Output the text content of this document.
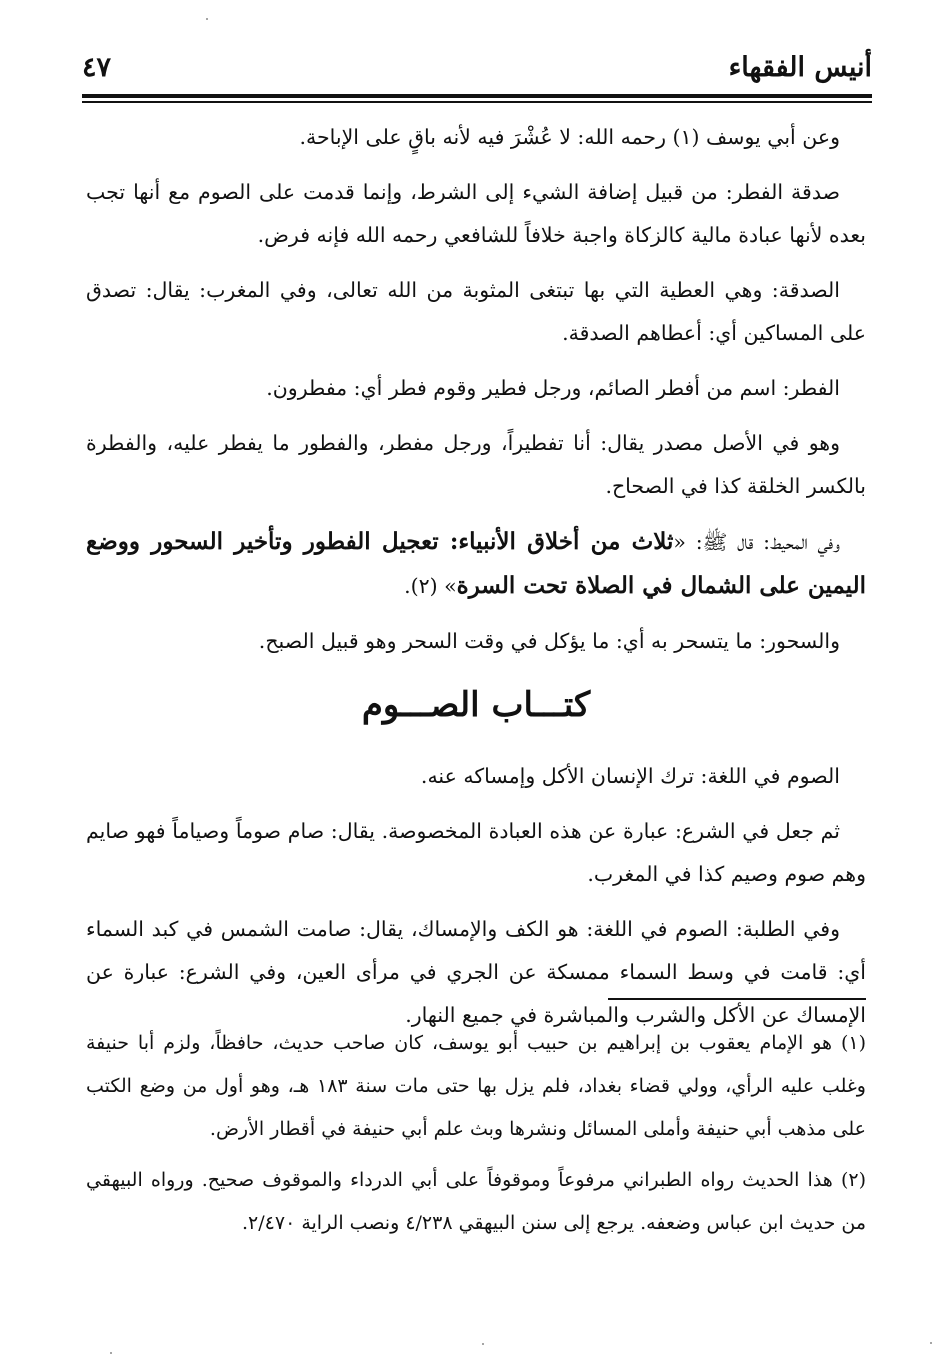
أنيس الفقهاء
٤٧

وعن أبي يوسف (١) رحمه الله: لا عُشْرَ فيه لأنه باقٍ على الإباحة.

صدقة الفطر: من قبيل إضافة الشيء إلى الشرط، وإنما قدمت على الصوم مع أنها تجب بعده لأنها عبادة مالية كالزكاة واجبة خلافاً للشافعي رحمه الله فإنه فرض.

الصدقة: وهي العطية التي بها تبتغى المثوبة من الله تعالى، وفي المغرب: يقال: تصدق على المساكين أي: أعطاهم الصدقة.

الفطر: اسم من أفطر الصائم، ورجل فطير وقوم فطر أي: مفطرون.

وهو في الأصل مصدر يقال: أنا تفطيراً، ورجل مفطر، والفطور ما يفطر عليه، والفطرة بالكسر الخلقة كذا في الصحاح.

وفي المحيط: قال ﷺ: «ثلاث من أخلاق الأنبياء: تعجيل الفطور وتأخير السحور ووضع اليمين على الشمال في الصلاة تحت السرة» (٢).

والسحور: ما يتسحر به أي: ما يؤكل في وقت السحر وهو قبيل الصبح.

كتـــاب الصـــوم

الصوم في اللغة: ترك الإنسان الأكل وإمساكه عنه.

ثم جعل في الشرع: عبارة عن هذه العبادة المخصوصة. يقال: صام صوماً وصياماً فهو صايم وهم صوم وصيم كذا في المغرب.

وفي الطلبة: الصوم في اللغة: هو الكف والإمساك، يقال: صامت الشمس في كبد السماء أي: قامت في وسط السماء ممسكة عن الجري في مرأى العين، وفي الشرع: عبارة عن الإمساك عن الأكل والشرب والمباشرة في جميع النهار.

(١) هو الإمام يعقوب بن إبراهيم بن حبيب أبو يوسف، كان صاحب حديث، حافظاً، ولزم أبا حنيفة وغلب عليه الرأي، وولي قضاء بغداد، فلم يزل بها حتى مات سنة ١٨٣ هـ، وهو أول من وضع الكتب على مذهب أبي حنيفة وأملى المسائل ونشرها وبث علم أبي حنيفة في أقطار الأرض.

(٢) هذا الحديث رواه الطبراني مرفوعاً وموقوفاً على أبي الدرداء والموقوف صحيح. ورواه البيهقي من حديث ابن عباس وضعفه. يرجع إلى سنن البيهقي ٤/٢٣٨ ونصب الراية ٢/٤٧٠.
